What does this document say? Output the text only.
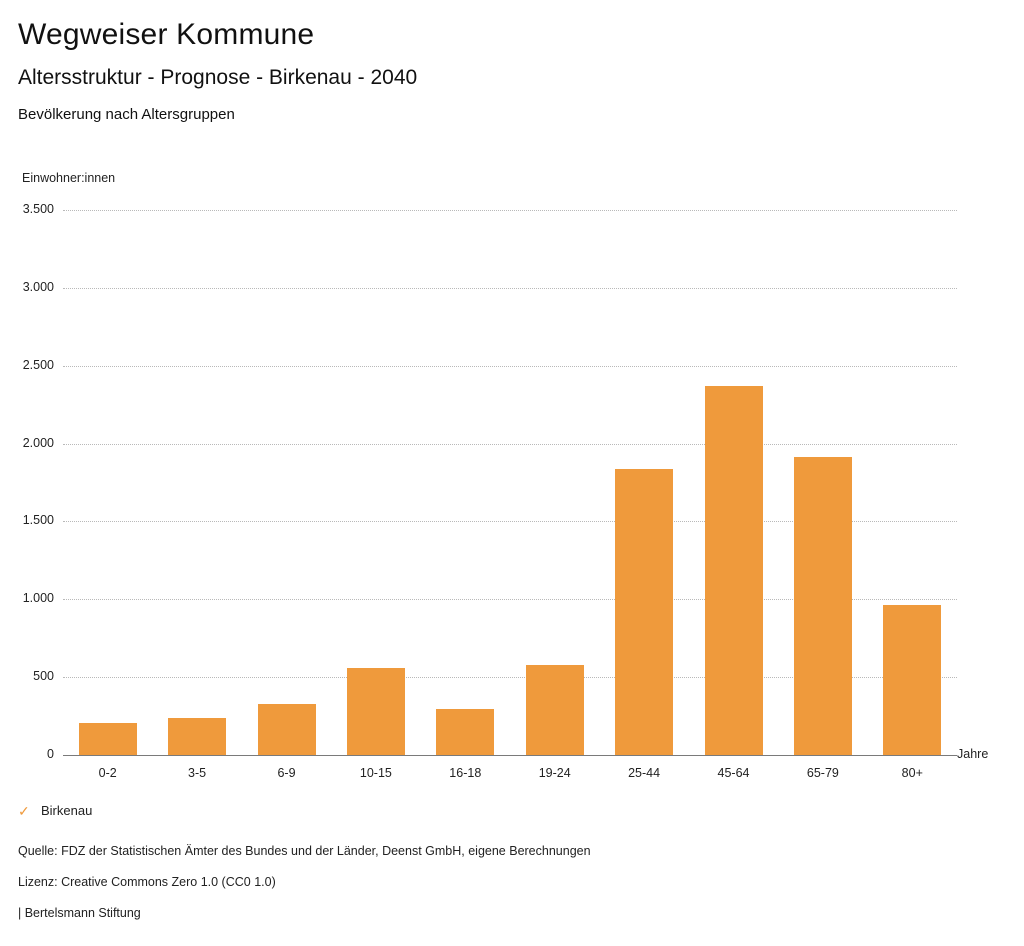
Wegweiser Kommune
Altersstruktur - Prognose - Birkenau - 2040
Bevölkerung nach Altersgruppen
Einwohner:innen
Jahre
0
500
1.000
1.500
2.000
2.500
3.000
3.500
0-2	3-5	6-9	10-15	16-18	19-24	25-44	45-64	65-79	80+
✓ Birkenau
Quelle: FDZ der Statistischen Ämter des Bundes und der Länder, Deenst GmbH, eigene Berechnungen
Lizenz: Creative Commons Zero 1.0 (CC0 1.0)
| Bertelsmann Stiftung
